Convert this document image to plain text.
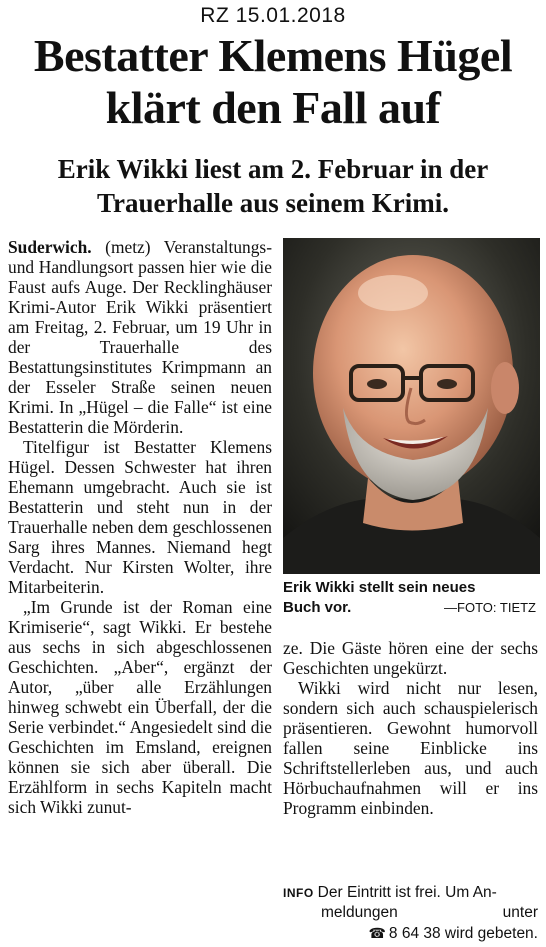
RZ 15.01.2018
Bestatter Klemens Hügel
klärt den Fall auf
Erik Wikki liest am 2. Februar in der
Trauerhalle aus seinem Krimi.

Suderwich. (metz) Veranstaltungs- und Handlungsort passen hier wie die Faust aufs Auge. Der Recklinghäuser Krimi-Autor Erik Wikki präsentiert am Freitag, 2. Februar, um 19 Uhr in der Trauerhalle des Bestattungsinstitutes Krimpmann an der Esseler Straße seinen neuen Krimi. In „Hügel – die Falle“ ist eine Bestatterin die Mörderin.

Titelfigur ist Bestatter Klemens Hügel. Dessen Schwester hat ihren Ehemann umgebracht. Auch sie ist Bestatterin und steht nun in der Trauerhalle neben dem geschlossenen Sarg ihres Mannes. Niemand hegt Verdacht. Nur Kirsten Wolter, ihre Mitarbeiterin.

„Im Grunde ist der Roman eine Krimiserie“, sagt Wikki. Er bestehe aus sechs in sich abgeschlossenen Geschichten. „Aber“, ergänzt der Autor, „über alle Erzählungen hinweg schwebt ein Überfall, der die Serie verbindet.“ Angesiedelt sind die Geschichten im Emsland, ereignen können sie sich aber überall. Die Erzählform in sechs Kapiteln macht sich Wikki zunut-

Erik Wikki stellt sein neues
Buch vor.	—FOTO: TIETZ

ze. Die Gäste hören eine der sechs Geschichten ungekürzt.

Wikki wird nicht nur lesen, sondern sich auch schauspielerisch präsentieren. Gewohnt humorvoll fallen seine Einblicke ins Schriftstellerleben aus, und auch Hörbuchaufnahmen will er ins Programm einbinden.

INFO Der Eintritt ist frei. Um An-
meldungen	unter
☎ 8 64 38 wird gebeten.
